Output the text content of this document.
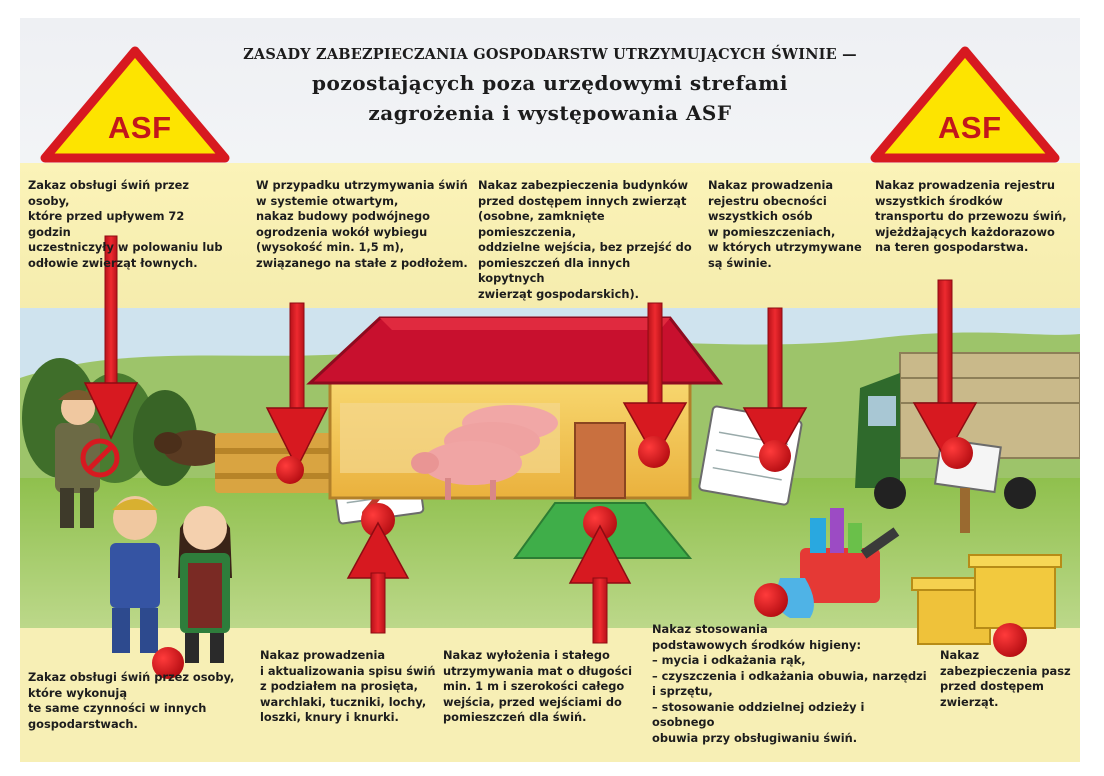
ASF	ASF
ZASADY ZABEZPIECZANIA GOSPODARSTW UTRZYMUJĄCYCH ŚWINIE —
pozostających poza urzędowymi strefami
zagrożenia i występowania ASF
Zakaz obsługi świń przez osoby,
które przed upływem 72 godzin
uczestniczyły w polowaniu lub
odłowie zwierząt łownych.
W przypadku utrzymywania świń
w systemie otwartym,
nakaz budowy podwójnego
ogrodzenia wokół wybiegu
(wysokość min. 1,5 m),
związanego na stałe z podłożem.
Nakaz zabezpieczenia budynków
przed dostępem innych zwierząt
(osobne, zamknięte pomieszczenia,
oddzielne wejścia, bez przejść do
pomieszczeń dla innych kopytnych
zwierząt gospodarskich).
Nakaz prowadzenia
rejestru obecności
wszystkich osób
w pomieszczeniach,
w których utrzymywane
są świnie.
Nakaz prowadzenia rejestru
wszystkich środków
transportu do przewozu świń,
wjeżdżających każdorazowo
na teren gospodarstwa.
Zakaz obsługi świń przez osoby,
które wykonują
te same czynności w innych
gospodarstwach.
Nakaz prowadzenia
i aktualizowania spisu świń
z podziałem na prosięta,
warchlaki, tuczniki, lochy,
loszki, knury i knurki.
Nakaz wyłożenia i stałego
utrzymywania mat o długości
min. 1 m i szerokości całego
wejścia, przed wejściami do
pomieszczeń dla świń.
Nakaz stosowania
podstawowych środków higieny:
– mycia i odkażania rąk,
– czyszczenia i odkażania obuwia, narzędzi
i sprzętu,
– stosowanie oddzielnej odzieży i osobnego
obuwia przy obsługiwaniu świń.
Nakaz
zabezpieczenia pasz
przed dostępem
zwierząt.
